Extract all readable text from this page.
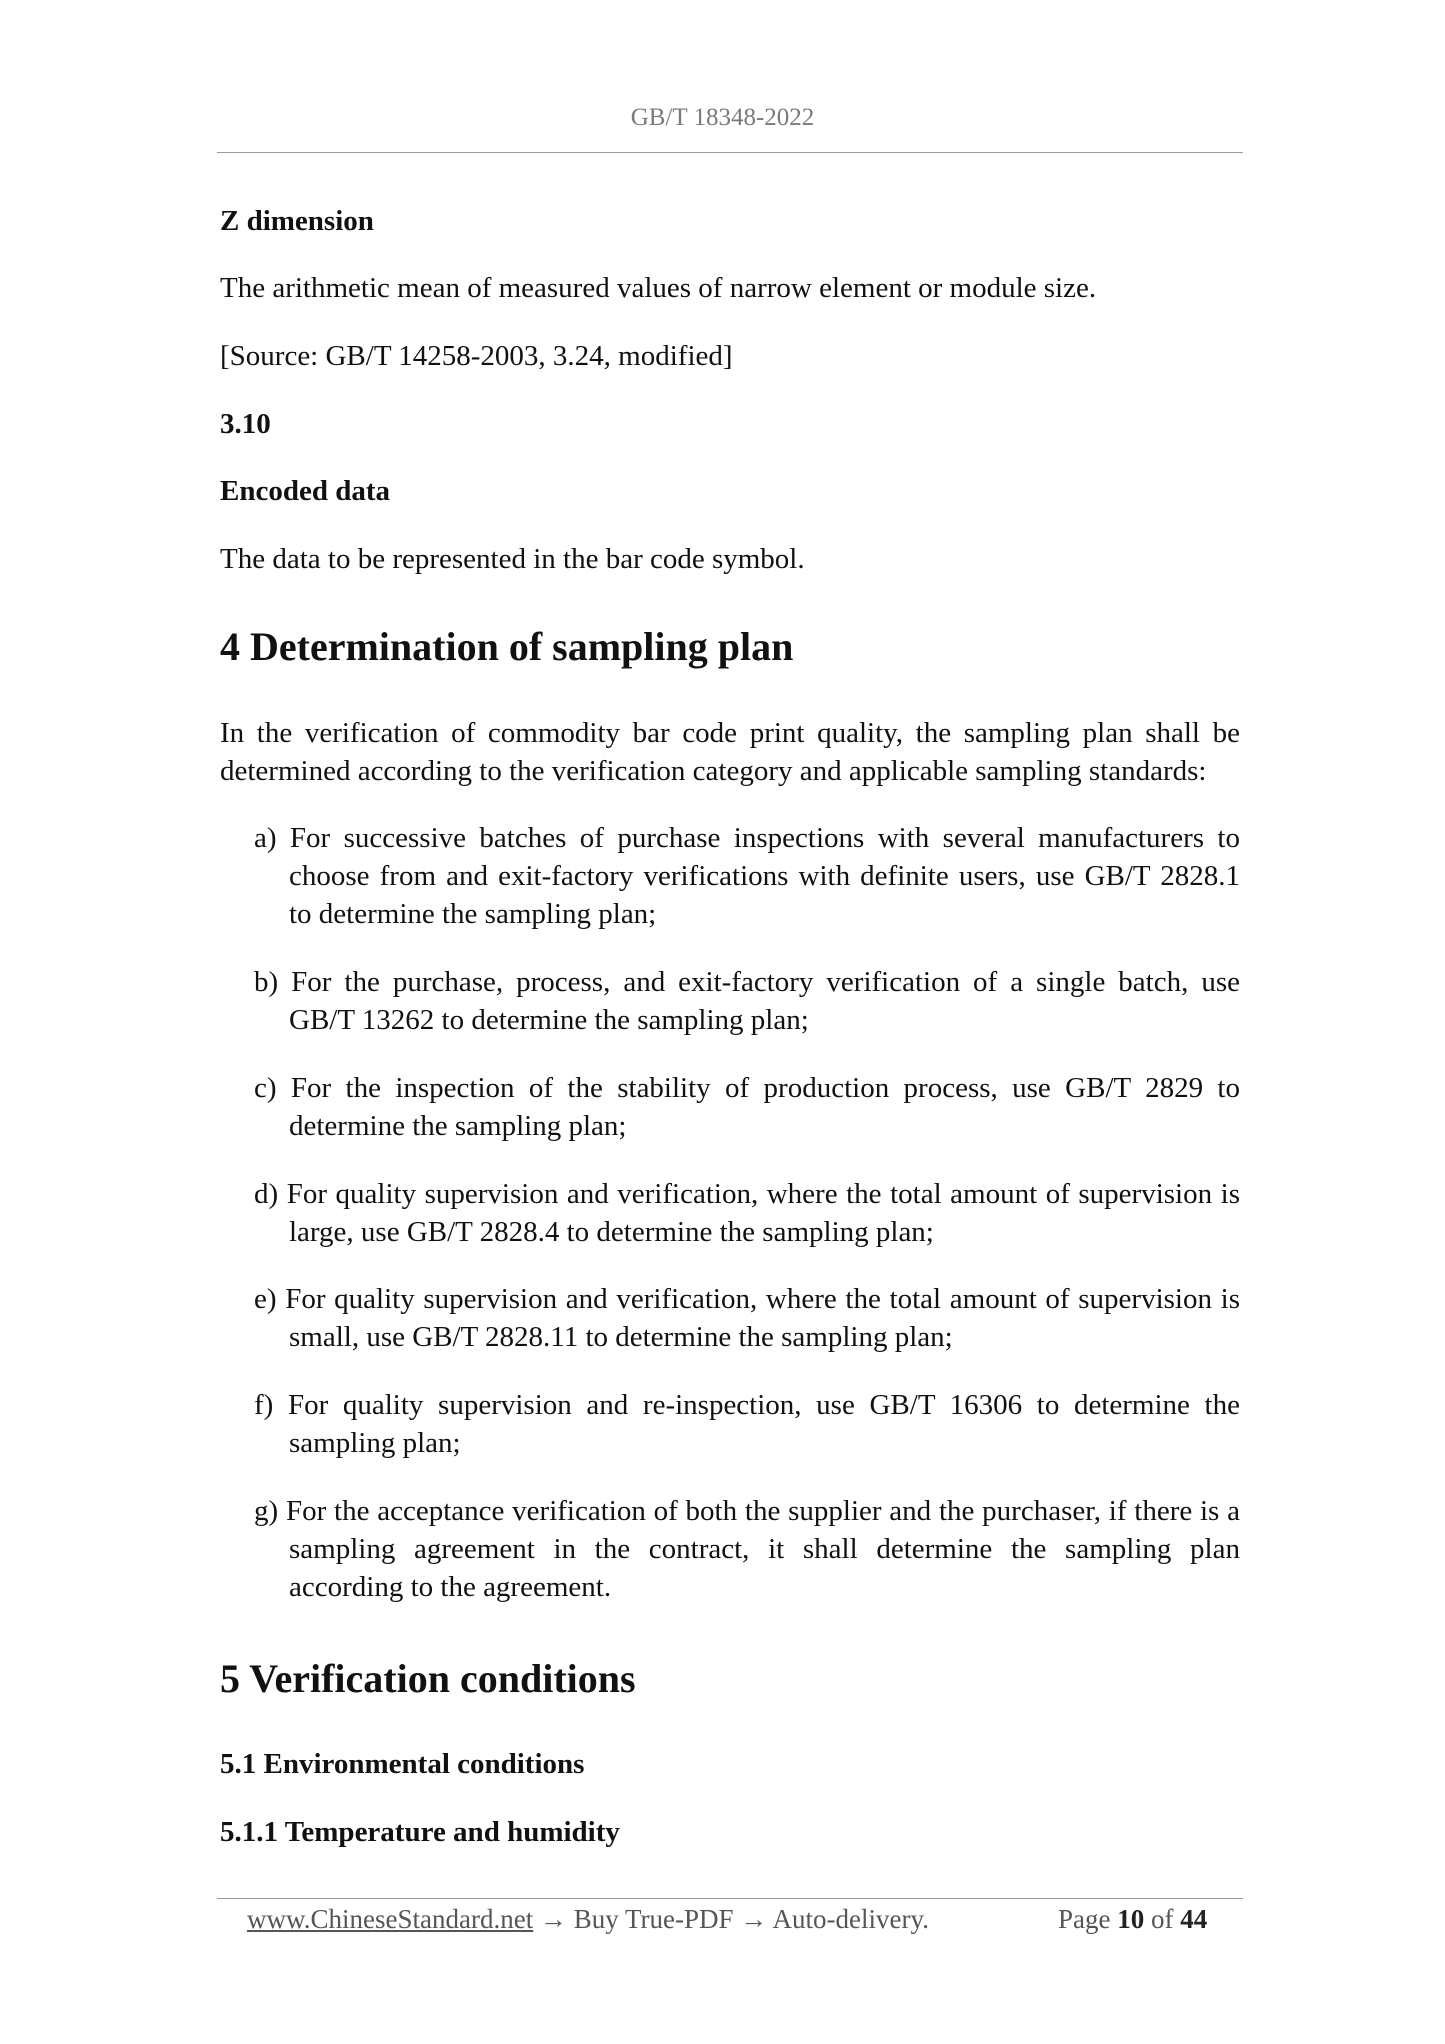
GB/T 18348-2022
Z dimension
The arithmetic mean of measured values of narrow element or module size.
[Source: GB/T 14258-2003, 3.24, modified]
3.10
Encoded data
The data to be represented in the bar code symbol.
4 Determination of sampling plan
In the verification of commodity bar code print quality, the sampling plan shall be determined according to the verification category and applicable sampling standards:
a) For successive batches of purchase inspections with several manufacturers to choose from and exit-factory verifications with definite users, use GB/T 2828.1 to determine the sampling plan;
b) For the purchase, process, and exit-factory verification of a single batch, use GB/T 13262 to determine the sampling plan;
c) For the inspection of the stability of production process, use GB/T 2829 to determine the sampling plan;
d) For quality supervision and verification, where the total amount of supervision is large, use GB/T 2828.4 to determine the sampling plan;
e) For quality supervision and verification, where the total amount of supervision is small, use GB/T 2828.11 to determine the sampling plan;
f) For quality supervision and re-inspection, use GB/T 16306 to determine the sampling plan;
g) For the acceptance verification of both the supplier and the purchaser, if there is a sampling agreement in the contract, it shall determine the sampling plan according to the agreement.
5 Verification conditions
5.1 Environmental conditions
5.1.1 Temperature and humidity
www.ChineseStandard.net → Buy True-PDF → Auto-delivery.	Page 10 of 44
